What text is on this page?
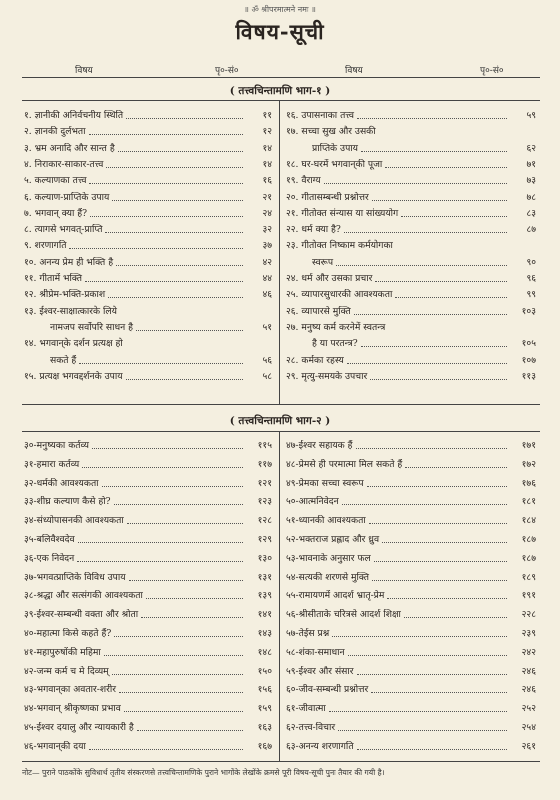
॥ ॐ श्रीपरमात्मने नमः ॥
विषय-सूची
विषय	पृ०-सं०	विषय	पृ०-सं०
( तत्त्वचिन्तामणि भाग-१ )
( तत्त्वचिन्तामणि भाग-२ )
१. ज्ञानीकी अनिर्वचनीय स्थिति	११
२. ज्ञानकी दुर्लभता	१२
३. भ्रम अनादि और सान्त है	१४
४. निराकार-साकार-तत्त्व	१४
५. कल्याणका तत्त्व	१६
६. कल्याण-प्राप्तिके उपाय	२१
७. भगवान् क्या हैं?	२४
८. त्यागसे भगवत्-प्राप्ति	३२
९. शरणागति	३७
१०. अनन्य प्रेम ही भक्ति है	४२
११. गीतामें भक्ति	४४
१२. श्रीप्रेम-भक्ति-प्रकाश	४६
१३. ईश्वर-साक्षात्कारके लिये
नामजप सर्वोपरि साधन है	५१
१४. भगवान्‌के दर्शन प्रत्यक्ष हो
सकते हैं	५६
१५. प्रत्यक्ष भगवद्दर्शनके उपाय	५८
१६. उपासनाका तत्त्व	५९
१७. सच्चा सुख और उसकी
प्राप्तिके उपाय	६२
१८. घर-घरमें भगवान्‌की पूजा	७१
१९. वैराग्य	७३
२०. गीतासम्बन्धी प्रश्नोत्तर	७८
२१. गीतोक्त संन्यास या सांख्ययोग	८३
२२. धर्म क्या है?	८७
२३. गीतोक्त निष्काम कर्मयोगका
स्वरूप	९०
२४. धर्म और उसका प्रचार	९६
२५. व्यापारसुधारकी आवश्यकता	९९
२६. व्यापारसे मुक्ति	१०३
२७. मनुष्य कर्म करनेमें स्वतन्त्र
है या परतन्त्र?	१०५
२८. कर्मका रहस्य	१०७
२९. मृत्यु-समयके उपचार	११३
३०-मनुष्यका कर्तव्य	११५
३१-हमारा कर्तव्य	११७
३२-धर्मकी आवश्यकता	१२१
३३-शीघ्र कल्याण कैसे हो?	१२३
३४-संध्योपासनकी आवश्यकता	१२८
३५-बलिवैश्वदेव	१२९
३६-एक निवेदन	१३०
३७-भगवत्प्राप्तिके विविध उपाय	१३१
३८-श्रद्धा और सत्संगकी आवश्यकता	१३९
३९-ईश्वर-सम्बन्धी वक्ता और श्रोता	१४१
४०-महात्मा किसे कहते हैं?	१४३
४१-महापुरुषोंकी महिमा	१४८
४२-जन्म कर्म च मे दिव्यम्	१५०
४३-भगवान्‌का अवतार-शरीर	१५६
४४-भगवान् श्रीकृष्णका प्रभाव	१५९
४५-ईश्वर दयालु और न्यायकारी है	१६३
४६-भगवान्‌की दया	१६७
४७-ईश्वर सहायक हैं	१७१
४८-प्रेमसे ही परमात्मा मिल सकते हैं	१७२
४९-प्रेमका सच्चा स्वरूप	१७६
५०-आत्मनिवेदन	१८१
५१-ध्यानकी आवश्यकता	१८४
५२-भक्तराज प्रह्लाद और ध्रुव	१८७
५३-भावनाके अनुसार फल	१८७
५४-सत्यकी शरणसे मुक्ति	१८९
५५-रामायणमें आदर्श भ्रातृ-प्रेम	१९१
५६-श्रीसीताके चरित्रसे आदर्श शिक्षा	२२८
५७-तेईस प्रश्न	२३९
५८-शंका-समाधान	२४२
५९-ईश्वर और संसार	२४६
६०-जीव-सम्बन्धी प्रश्नोत्तर	२४६
६१-जीवात्मा	२५२
६२-तत्त्व-विचार	२५४
६३-अनन्य शरणागति	२६१
नोट— पुराने पाठकोंके सुविधार्थ तृतीय संस्करणसे तत्त्वचिन्तामणिके पुराने भागोंके लेखोंके क्रमसे पूरी विषय-सूची पुनः तैयार की गयी है।
